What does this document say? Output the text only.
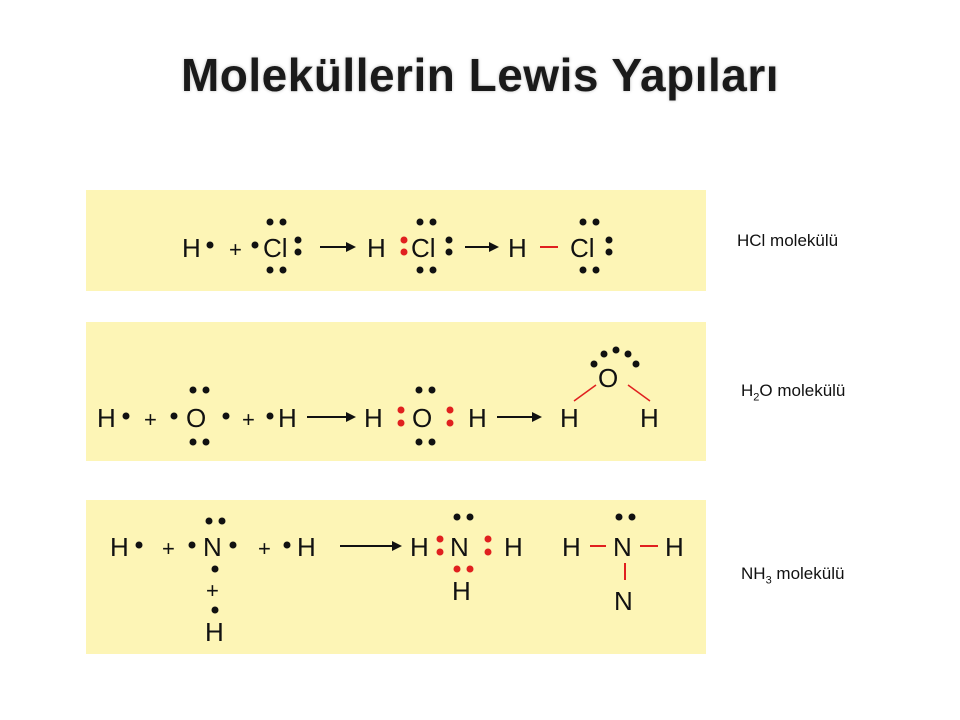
Moleküllerin Lewis Yapıları
HCl molekülü
$H_2O$ molekülü
$NH_3$ molekülü
H + Cl	H Cl	H Cl
H + O + H	H O H	H
O
H
H + N
+
H
+ H	H N H
H
H N H
N
